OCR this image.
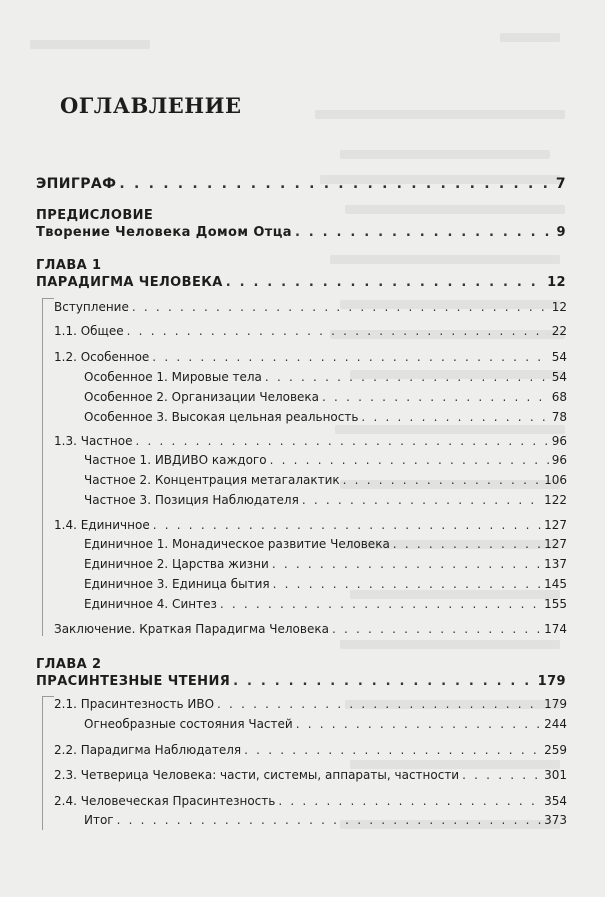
ОГЛАВЛЕНИЕ
ЭПИГРАФ . . .	7
ПРЕДИСЛОВИЕ
Творение Человека Домом Отца . . .	9
ГЛАВА 1
ПАРАДИГМА ЧЕЛОВЕКА . . .	12
Вступление . . .	12
1.1. Общее . . .	22
1.2. Особенное . . .	54
Особенное 1. Мировые тела . . .	54
Особенное 2. Организации Человека . . .	68
Особенное 3. Высокая цельная реальность . . .	78
1.3. Частное . . .	96
Частное 1. ИВДИВО каждого . . .	96
Частное 2. Концентрация метагалактик . . .	106
Частное 3. Позиция Наблюдателя . . .	122
1.4. Единичное . . .	127
Единичное 1. Монадическое развитие Человека . . .	127
Единичное 2. Царства жизни . . .	137
Единичное 3. Единица бытия . . .	145
Единичное 4. Синтез . . .	155
Заключение. Краткая Парадигма Человека . . .	174
ГЛАВА 2
ПРАСИНТЕЗНЫЕ ЧТЕНИЯ . . .	179
2.1. Прасинтезность ИВО . . .	179
Огнеобразные состояния Частей . . .	244
2.2. Парадигма Наблюдателя . . .	259
2.3. Четверица Человека: части, системы, аппараты, частности . . .	301
2.4. Человеческая Прасинтезность . . .	354
Итог . . .	373
